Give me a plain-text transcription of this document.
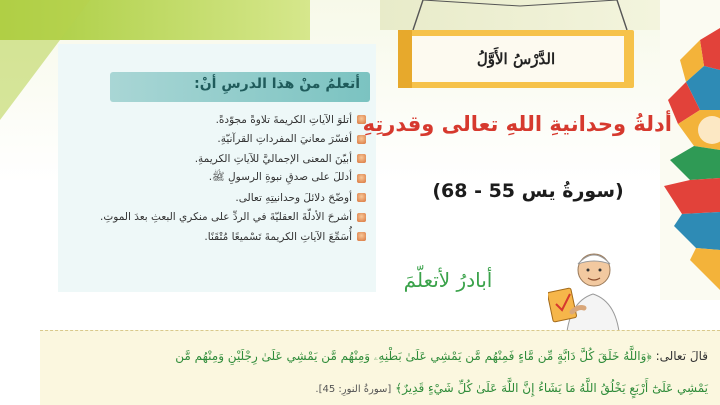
أتعلمُ منْ هذا الدرسِ أنْ:
أتلوَ الآياتِ الكريمةَ تلاوةً مجوّدةً.
أفسّرَ معانيَ المفرداتِ القرآنيّةِ.
أبيّنَ المعنى الإجماليَّ للآياتِ الكريمةِ.
أدللَ على صدقِ نبوةِ الرسولِ ﷺ.
أوضّحَ دلائلَ وحدانيتِهِ تعالى.
أشرحَ الأدلّةَ العقليّةَ في الردِّ على منكري البعثِ بعدَ الموتِ.
أُسَمِّعَ الآياتِ الكريمةَ تَسْميعًا مُتْقَنًا.
الدَّرْسُ الأَوَّلُ
أدلةُ وحدانيةِ اللهِ تعالى وقدرتِهِ
(سورةُ يس 55 - 68)
أبادرُ لأتعلّمَ
قالَ تعالى: ﴿وَاللَّهُ خَلَقَ كُلَّ دَابَّةٍ مِّن مَّاءٍ فَمِنْهُم مَّن يَمْشِي عَلَىٰ بَطْنِهِۦ وَمِنْهُم مَّن يَمْشِي عَلَىٰ رِجْلَيْنِ وَمِنْهُم مَّن
يَمْشِي عَلَىٰٓ أَرْبَعٍ يَخْلُقُ اللَّهُ مَا يَشَاءُ إِنَّ اللَّهَ عَلَىٰ كُلِّ شَيْءٍ قَدِيرٌ﴾ [سورةُ النورِ: 45].
